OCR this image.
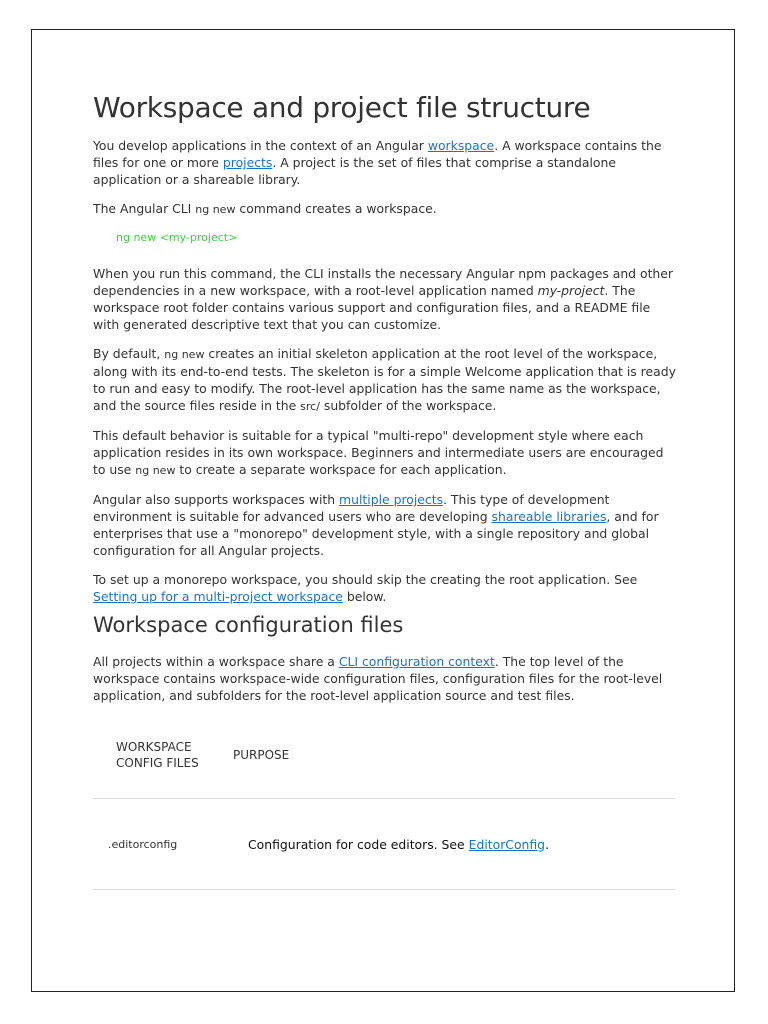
Workspace and project file structure

You develop applications in the context of an Angular workspace. A workspace contains the files for one or more projects. A project is the set of files that comprise a standalone application or a shareable library.

The Angular CLI ng new command creates a workspace.

ng new <my-project>

When you run this command, the CLI installs the necessary Angular npm packages and other dependencies in a new workspace, with a root-level application named my-project. The workspace root folder contains various support and configuration files, and a README file with generated descriptive text that you can customize.

By default, ng new creates an initial skeleton application at the root level of the workspace, along with its end-to-end tests. The skeleton is for a simple Welcome application that is ready to run and easy to modify. The root-level application has the same name as the workspace, and the source files reside in the src/ subfolder of the workspace.

This default behavior is suitable for a typical "multi-repo" development style where each application resides in its own workspace. Beginners and intermediate users are encouraged to use ng new to create a separate workspace for each application.

Angular also supports workspaces with multiple projects. This type of development environment is suitable for advanced users who are developing shareable libraries, and for enterprises that use a "monorepo" development style, with a single repository and global configuration for all Angular projects.

To set up a monorepo workspace, you should skip the creating the root application. See Setting up for a multi-project workspace below.

Workspace configuration files

All projects within a workspace share a CLI configuration context. The top level of the workspace contains workspace-wide configuration files, configuration files for the root-level application, and subfolders for the root-level application source and test files.

WORKSPACE CONFIG FILES
PURPOSE
.editorconfig	Configuration for code editors. See EditorConfig.
